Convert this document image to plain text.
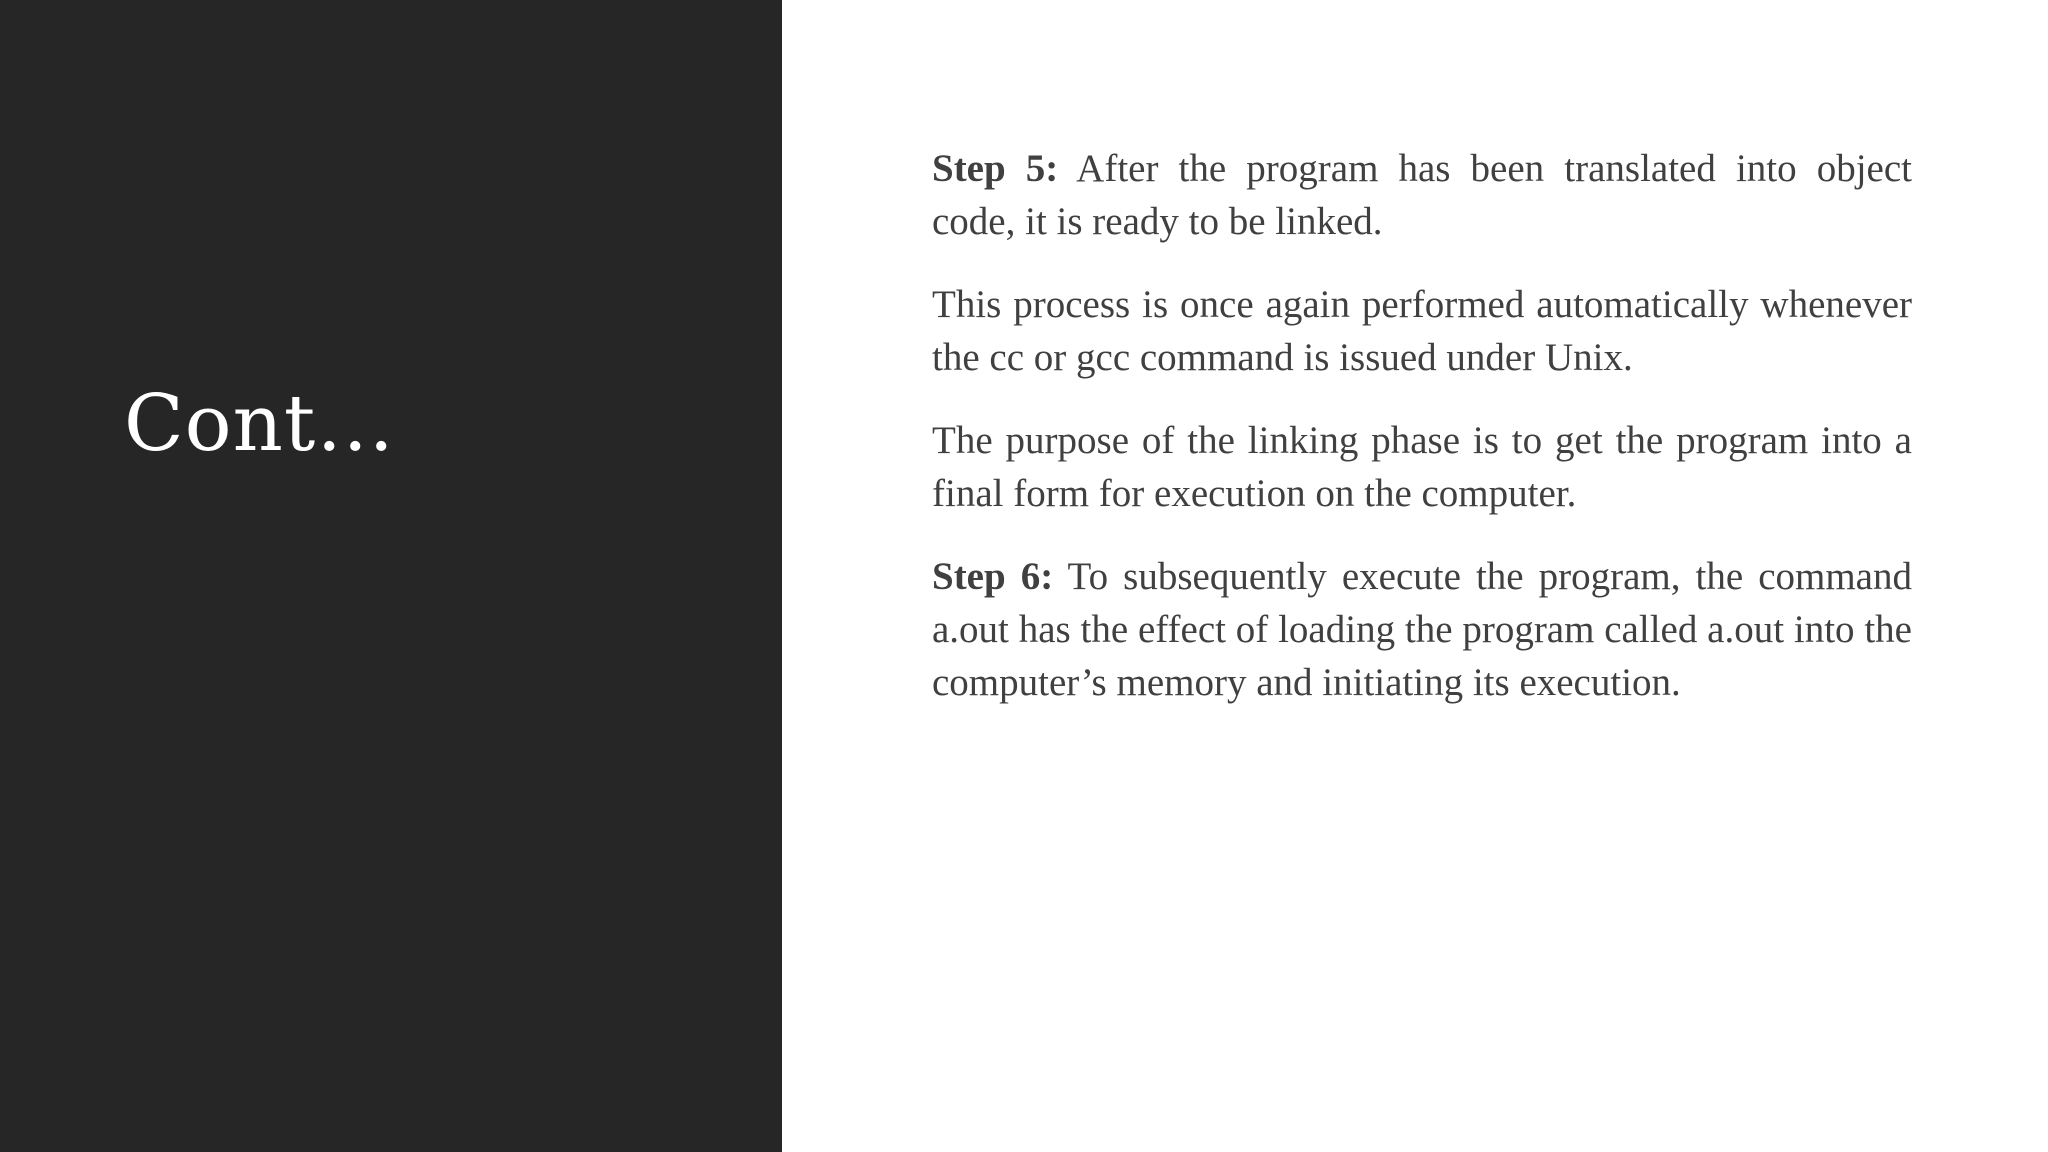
Cont…

Step 5: After the program has been translated into object code, it is ready to be linked.

This process is once again performed automatically whenever the cc or gcc command is issued under Unix.

The purpose of the linking phase is to get the program into a final form for execution on the computer.

Step 6: To subsequently execute the program, the command a.out has the effect of loading the program called a.out into the computer’s memory and initiating its execution.
